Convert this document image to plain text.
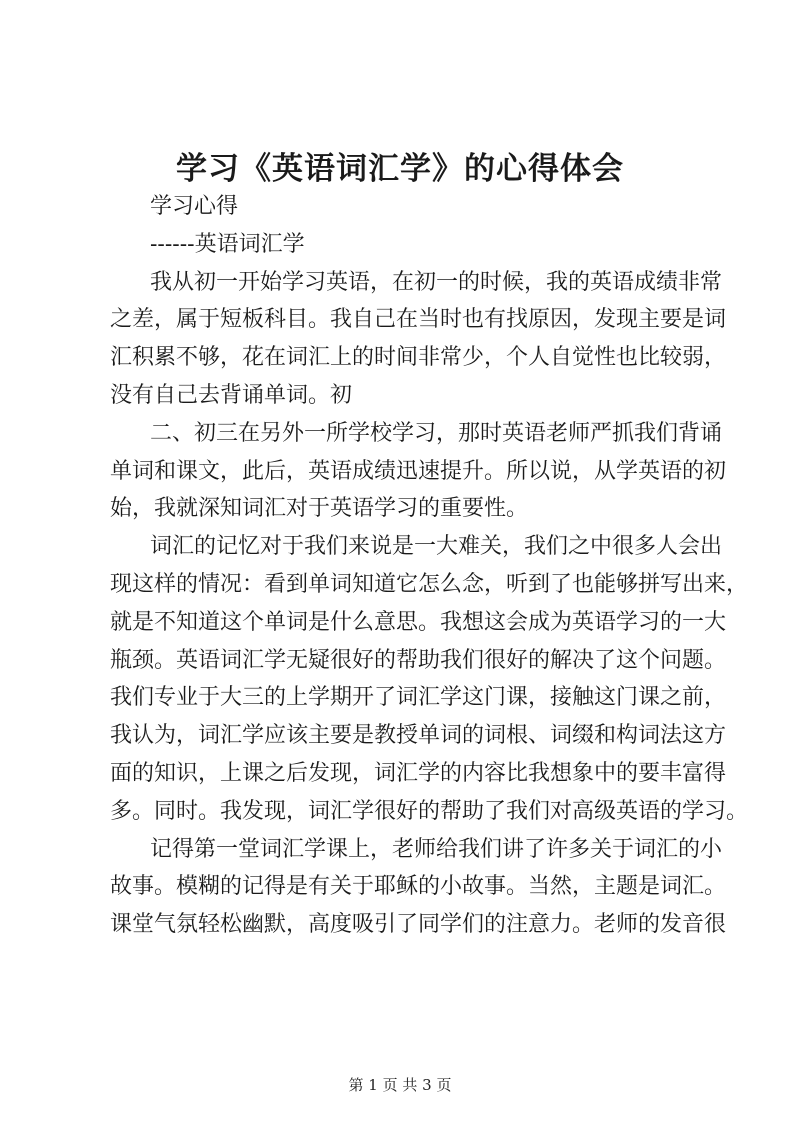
学习《英语词汇学》的心得体会
学习心得
------英语词汇学
我从初一开始学习英语，在初一的时候，我的英语成绩非常
之差，属于短板科目。我自己在当时也有找原因，发现主要是词
汇积累不够，花在词汇上的时间非常少，个人自觉性也比较弱，
没有自己去背诵单词。初
二、初三在另外一所学校学习，那时英语老师严抓我们背诵
单词和课文，此后，英语成绩迅速提升。所以说，从学英语的初
始，我就深知词汇对于英语学习的重要性。
词汇的记忆对于我们来说是一大难关，我们之中很多人会出
现这样的情况：看到单词知道它怎么念，听到了也能够拼写出来，
就是不知道这个单词是什么意思。我想这会成为英语学习的一大
瓶颈。英语词汇学无疑很好的帮助我们很好的解决了这个问题。
我们专业于大三的上学期开了词汇学这门课，接触这门课之前，
我认为，词汇学应该主要是教授单词的词根、词缀和构词法这方
面的知识，上课之后发现，词汇学的内容比我想象中的要丰富得
多。同时。我发现，词汇学很好的帮助了我们对高级英语的学习。
记得第一堂词汇学课上，老师给我们讲了许多关于词汇的小
故事。模糊的记得是有关于耶稣的小故事。当然，主题是词汇。
课堂气氛轻松幽默，高度吸引了同学们的注意力。老师的发音很
第 1 页 共 3 页
